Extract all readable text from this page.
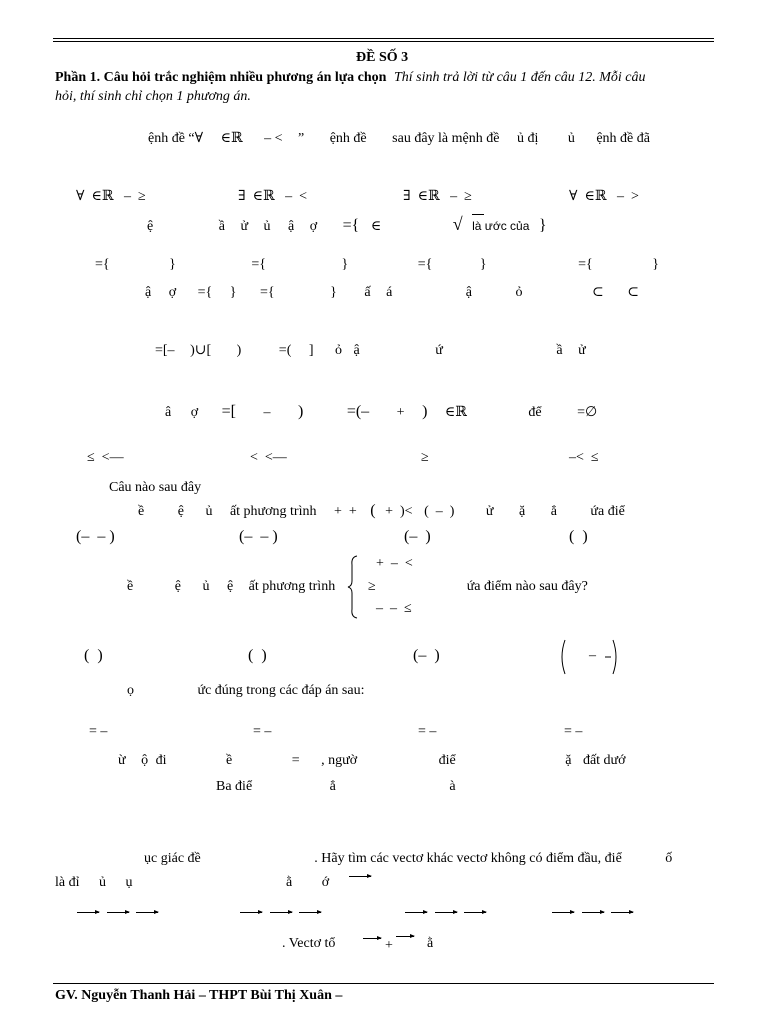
ĐỀ SỐ 3
Phần 1. Câu hỏi trắc nghiệm nhiều phương án lựa chọn Thí sinh trả lời từ câu 1 đến câu 12. Mỗi câu
hỏi, thí sinh chỉ chọn 1 phương án.
ệnh đề “∀ ∈ℝ – < ” ệnh đề sau đây là mệnh đề ủ đị ủ ệnh đề đã
∀  ∈ℝ   –  ≥	∃  ∈ℝ   –  <	∃  ∈ℝ   –  ≥	∀  ∈ℝ   –  >
ệ	ầ ử ủ ậ ợ ={ ∈	√ là ước của }
={	}	={	}	={	}	={	}
ậ ợ ={ } ={	} ấ á	ậ	ỏ	⊂ ⊂
=[– )∪[ )	=( ] ỏ ậ	ứ	ầ ử
â ợ =[ – )	=(– + ) ∈ℝ	để	=∅
≤  <—	<  <—	≥	–<  ≤
Câu nào sau đây
ề ệ ủ ất phương trình +  + ( +  )< (  –  ) ử ặ ẳ ứa điể
(–  – )	(–  – )	(–  )	(  )
ề	ệ ủ ệ ất phương trình	ứa điểm nào sau đây?
+  –  <
≥
–  –  ≤
(  )	(  )	(–  )	–
ọ	ức đúng trong các đáp án sau:
= –	= –	= –	= –
ừ ộ đi	ề	= , ngườ	điể	ặ đất dướ
Ba điể	ẳ	à
ục giác đề	. Hãy tìm các vectơ khác vectơ không có điểm đầu, điể	ố
là đỉ ủ ụ	ằ ớ

. Vectơ tổ	+ ằ
GV. Nguyễn Thanh Hải – THPT Bùi Thị Xuân –
